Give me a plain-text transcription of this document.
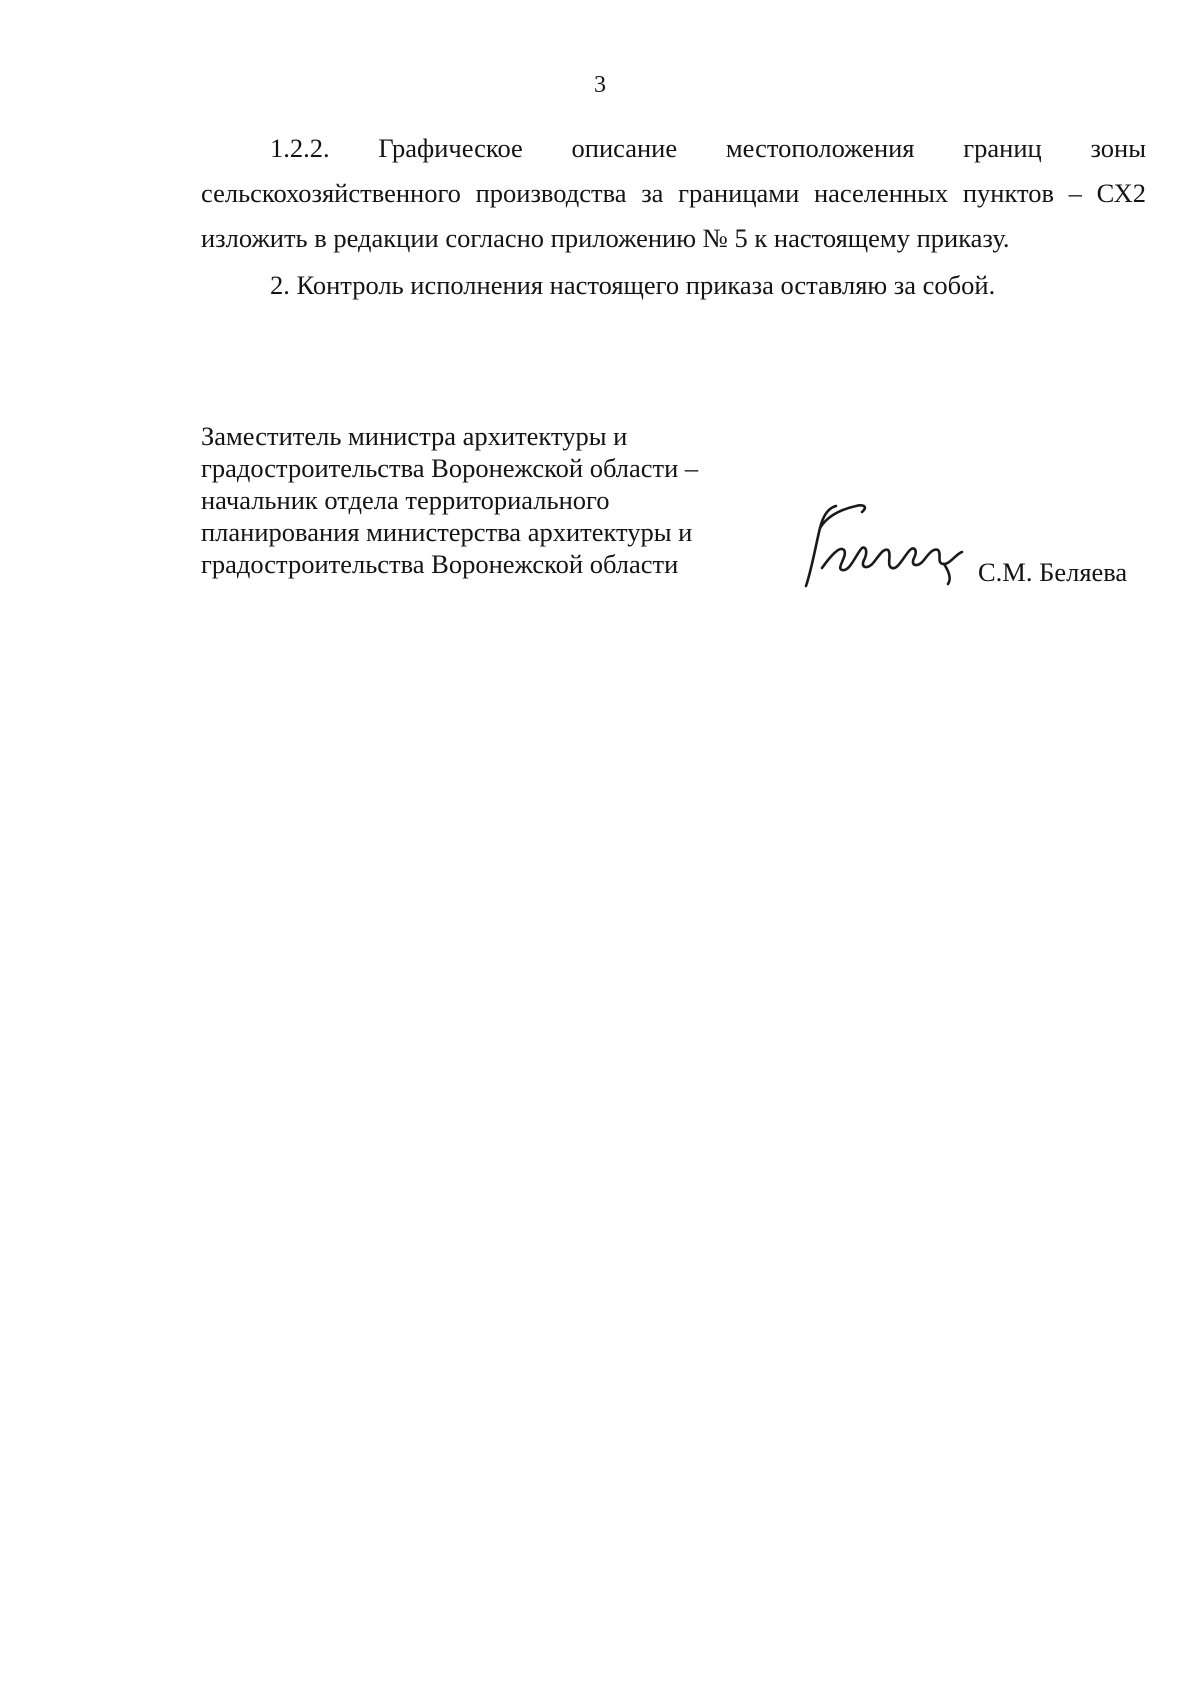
3

1.2.2. Графическое описание местоположения границ зоны сельскохозяйственного производства за границами населенных пунктов – СХ2 изложить в редакции согласно приложению № 5 к настоящему приказу.

2. Контроль исполнения настоящего приказа оставляю за собой.

Заместитель министра архитектуры и
градостроительства Воронежской области –
начальник отдела территориального
планирования министерства архитектуры и
градостроительства Воронежской области	С.М. Беляева
